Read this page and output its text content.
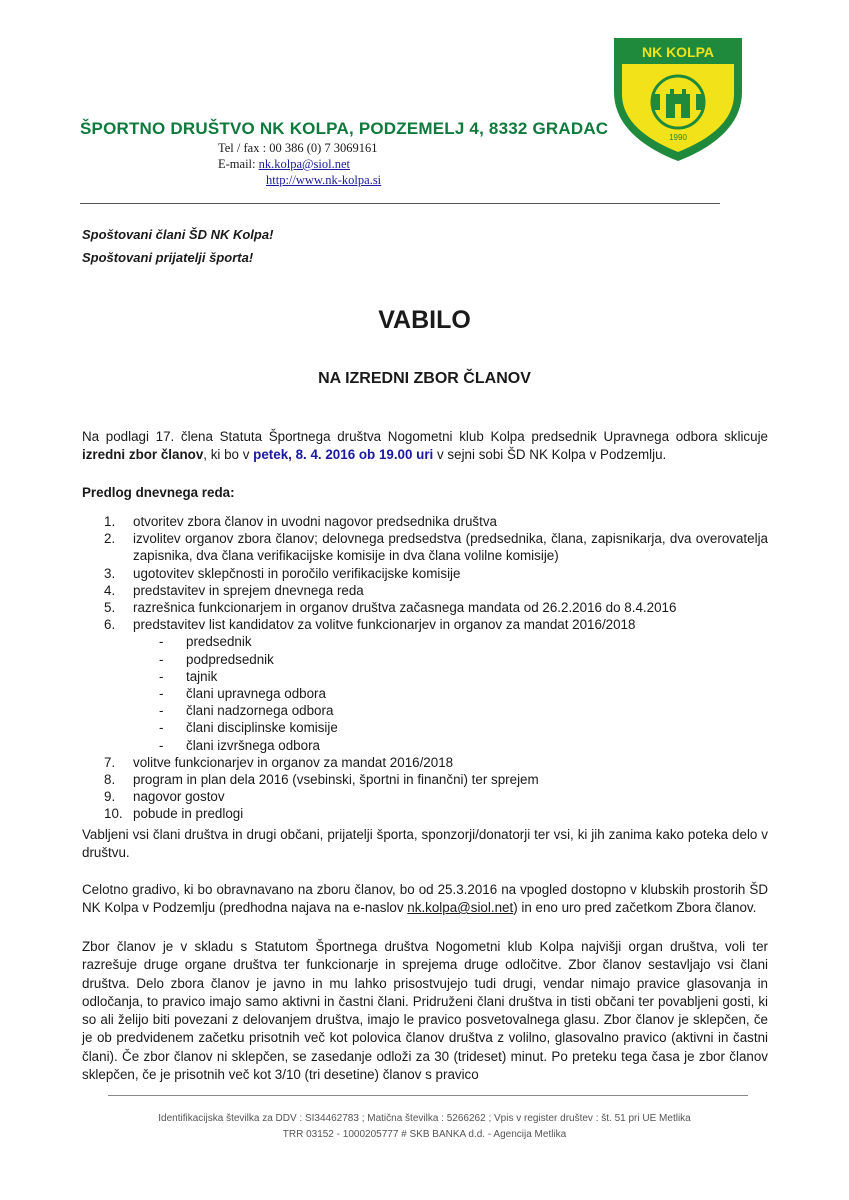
ŠPORTNO DRUŠTVO NK KOLPA, PODZEMELJ 4, 8332 GRADAC
Tel / fax : 00 386 (0) 7 3069161
E-mail: nk.kolpa@siol.net
http://www.nk-kolpa.si
NK KOLPA
1990
Spoštovani člani ŠD NK Kolpa!
Spoštovani prijatelji športa!
VABILO
NA IZREDNI ZBOR ČLANOV
Na podlagi 17. člena Statuta Športnega društva Nogometni klub Kolpa predsednik Upravnega odbora sklicuje izredni zbor članov, ki bo v petek, 8. 4. 2016 ob 19.00 uri v sejni sobi ŠD NK Kolpa v Podzemlju.
Predlog dnevnega reda:
1. otvoritev zbora članov in uvodni nagovor predsednika društva
2. izvolitev organov zbora članov; delovnega predsedstva (predsednika, člana, zapisnikarja, dva overovatelja zapisnika, dva člana verifikacijske komisije in dva člana volilne komisije)
3. ugotovitev sklepčnosti in poročilo verifikacijske komisije
4. predstavitev in sprejem dnevnega reda
5. razrešnica funkcionarjem in organov društva začasnega mandata od 26.2.2016 do 8.4.2016
6. predstavitev list kandidatov za volitve funkcionarjev in organov za mandat 2016/2018
- predsednik
- podpredsednik
- tajnik
- člani upravnega odbora
- člani nadzornega odbora
- člani disciplinske komisije
- člani izvršnega odbora
7. volitve funkcionarjev in organov za mandat 2016/2018
8. program in plan dela 2016 (vsebinski, športni in finančni) ter sprejem
9. nagovor gostov
10. pobude in predlogi
Vabljeni vsi člani društva in drugi občani, prijatelji športa, sponzorji/donatorji ter vsi, ki jih zanima kako poteka delo v društvu.
Celotno gradivo, ki bo obravnavano na zboru članov, bo od 25.3.2016 na vpogled dostopno v klubskih prostorih ŠD NK Kolpa v Podzemlju (predhodna najava na e-naslov nk.kolpa@siol.net) in eno uro pred začetkom Zbora članov.
Zbor članov je v skladu s Statutom Športnega društva Nogometni klub Kolpa najvišji organ društva, voli ter razrešuje druge organe društva ter funkcionarje in sprejema druge odločitve. Zbor članov sestavljajo vsi člani društva. Delo zbora članov je javno in mu lahko prisostvujejo tudi drugi, vendar nimajo pravice glasovanja in odločanja, to pravico imajo samo aktivni in častni člani. Pridruženi člani društva in tisti občani ter povabljeni gosti, ki so ali želijo biti povezani z delovanjem društva, imajo le pravico posvetovalnega glasu. Zbor članov je sklepčen, če je ob predvidenem začetku prisotnih več kot polovica članov društva z volilno, glasovalno pravico (aktivni in častni člani). Če zbor članov ni sklepčen, se zasedanje odloži za 30 (trideset) minut. Po preteku tega časa je zbor članov sklepčen, če je prisotnih več kot 3/10 (tri desetine) članov s pravico
Identifikacijska številka za DDV : SI34462783 ; Matična številka : 5266262 ; Vpis v register društev : št. 51 pri UE Metlika
TRR 03152 - 1000205777 # SKB BANKA d.d. - Agencija Metlika
